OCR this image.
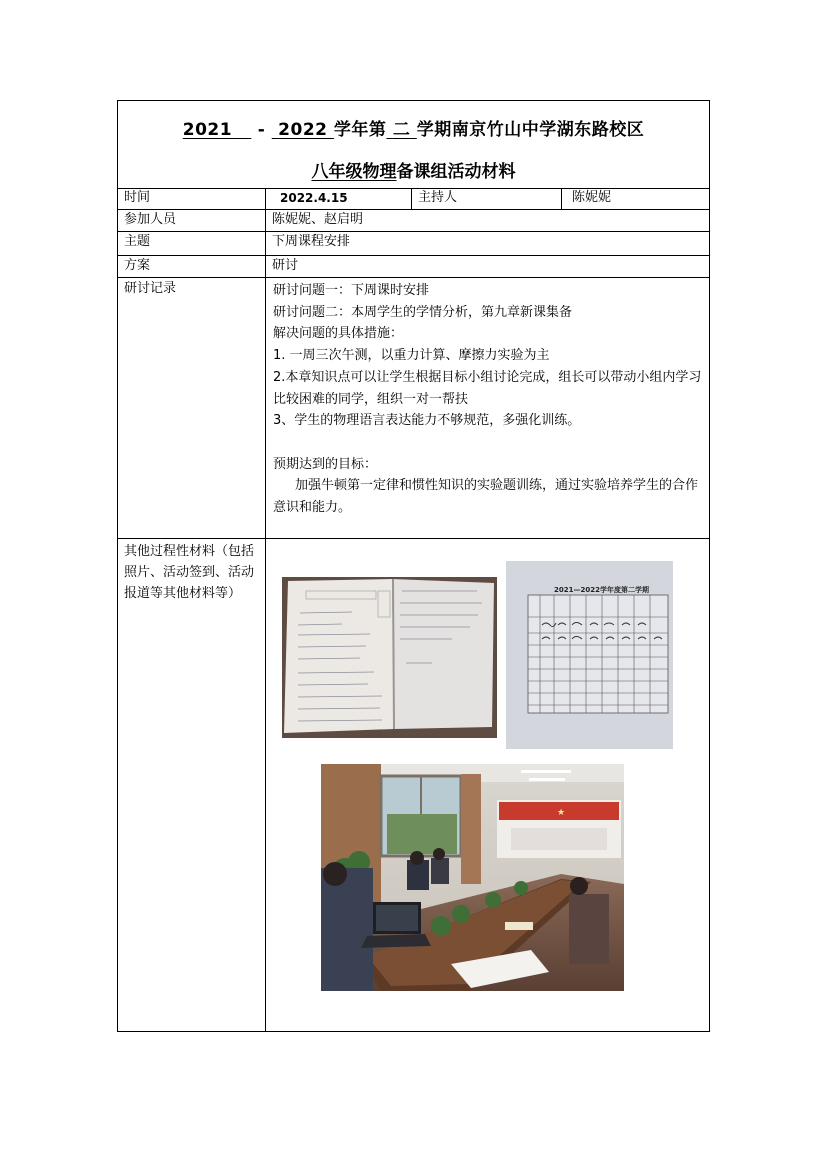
2021 - 2022 学年第 二 学期南京竹山中学湖东路校区
八年级物理备课组活动材料
时间	2022.4.15	主持人	陈妮妮
参加人员	陈妮妮、赵启明
主题	下周课程安排
方案	研讨
研讨记录	研讨问题一：下周课时安排
研讨问题二：本周学生的学情分析，第九章新课集备
解决问题的具体措施：
1. 一周三次午测，以重力计算、摩擦力实验为主
2.本章知识点可以让学生根据目标小组讨论完成，组长可以带动小组内学习比较困难的同学，组织一对一帮扶
3、学生的物理语言表达能力不够规范，多强化训练。
预期达到的目标：
加强牛顿第一定律和惯性知识的实验题训练，通过实验培养学生的合作意识和能力。
其他过程性材料（包括照片、活动签到、活动报道等其他材料等）	2021—2022学年度第二学期
★
